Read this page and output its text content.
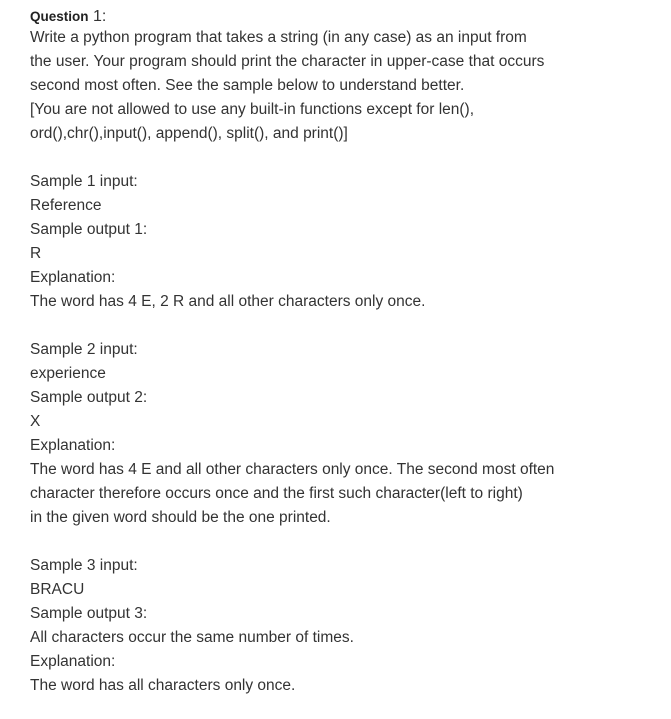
Question 1:
Write a python program that takes a string (in any case) as an input from
the user. Your program should print the character in upper-case that occurs
second most often. See the sample below to understand better.
[You are not allowed to use any built-in functions except for len(),
ord(),chr(),input(), append(), split(), and print()]
Sample 1 input:
Reference
Sample output 1:
R
Explanation:
The word has 4 E, 2 R and all other characters only once.
Sample 2 input:
experience
Sample output 2:
X
Explanation:
The word has 4 E and all other characters only once. The second most often
character therefore occurs once and the first such character(left to right)
in the given word should be the one printed.
Sample 3 input:
BRACU
Sample output 3:
All characters occur the same number of times.
Explanation:
The word has all characters only once.
